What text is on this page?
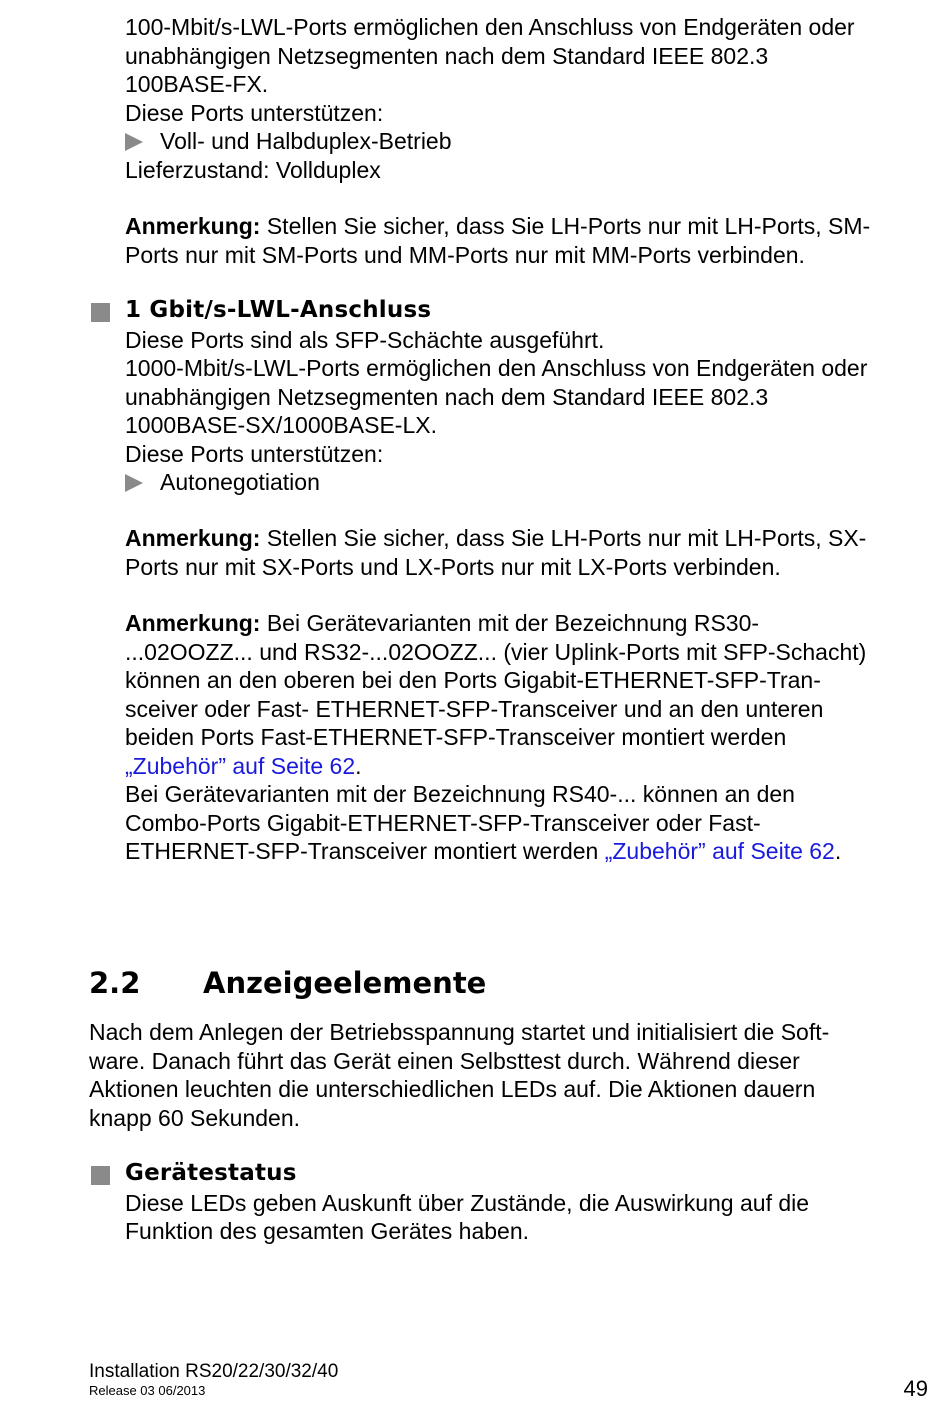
100-Mbit/s-LWL-Ports ermöglichen den Anschluss von Endgeräten oder
unabhängigen Netzsegmenten nach dem Standard IEEE 802.3
100BASE-FX.
Diese Ports unterstützen:
Voll- und Halbduplex-Betrieb
Lieferzustand: Vollduplex
Anmerkung: Stellen Sie sicher, dass Sie LH-Ports nur mit LH-Ports, SM-
Ports nur mit SM-Ports und MM-Ports nur mit MM-Ports verbinden.
1 Gbit/s-LWL-Anschluss
Diese Ports sind als SFP-Schächte ausgeführt.
1000-Mbit/s-LWL-Ports ermöglichen den Anschluss von Endgeräten oder
unabhängigen Netzsegmenten nach dem Standard IEEE 802.3
1000BASE-SX/1000BASE-LX.
Diese Ports unterstützen:
Autonegotiation
Anmerkung: Stellen Sie sicher, dass Sie LH-Ports nur mit LH-Ports, SX-
Ports nur mit SX-Ports und LX-Ports nur mit LX-Ports verbinden.
Anmerkung: Bei Gerätevarianten mit der Bezeichnung RS30-
...02OOZZ... und RS32-...02OOZZ... (vier Uplink-Ports mit SFP-Schacht)
können an den oberen bei den Ports Gigabit-ETHERNET-SFP-Tran-
sceiver oder Fast- ETHERNET-SFP-Transceiver und an den unteren
beiden Ports Fast-ETHERNET-SFP-Transceiver montiert werden
„Zubehör” auf Seite 62.
Bei Gerätevarianten mit der Bezeichnung RS40-... können an den
Combo-Ports Gigabit-ETHERNET-SFP-Transceiver oder Fast-
ETHERNET-SFP-Transceiver montiert werden „Zubehör” auf Seite 62.
2.2 Anzeigeelemente
Nach dem Anlegen der Betriebsspannung startet und initialisiert die Soft-
ware. Danach führt das Gerät einen Selbsttest durch. Während dieser
Aktionen leuchten die unterschiedlichen LEDs auf. Die Aktionen dauern
knapp 60 Sekunden.
Gerätestatus
Diese LEDs geben Auskunft über Zustände, die Auswirkung auf die
Funktion des gesamten Gerätes haben.
Installation RS20/22/30/32/40
Release 03 06/2013	49
